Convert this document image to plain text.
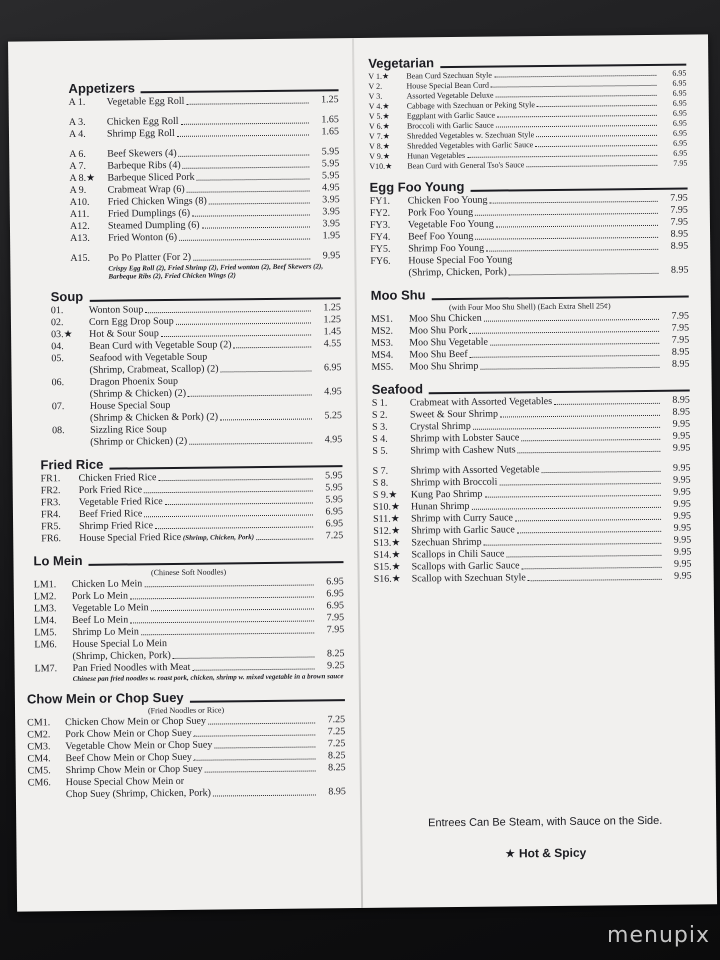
Appetizers
A 1.	Vegetable Egg Roll	1.25
A 3.	Chicken Egg Roll	1.65
A 4.	Shrimp Egg Roll	1.65
A 6.	Beef Skewers (4)	5.95
A 7.	Barbeque Ribs (4)	5.95
A 8.★	Barbeque Sliced Pork	5.95
A 9.	Crabmeat Wrap (6)	4.95
A10.	Fried Chicken Wings (8)	3.95
A11.	Fried Dumplings (6)	3.95
A12.	Steamed Dumpling (6)	3.95
A13.	Fried Wonton (6)	1.95
A15.	Po Po Platter (For 2)	9.95
Crispy Egg Roll (2), Fried Shrimp (2), Fried wonton (2), Beef Skewers (2), Barbeque Ribs (2), Fried Chicken Wings (2)
Soup
01.	Wonton Soup	1.25
02.	Corn Egg Drop Soup	1.25
03.★	Hot & Sour Soup	1.45
04.	Bean Curd with Vegetable Soup (2)	4.55
05.	Seafood with Vegetable Soup
(Shrimp, Crabmeat, Scallop) (2)	6.95
06.	Dragon Phoenix Soup
(Shrimp & Chicken) (2)	4.95
07.	House Special Soup
(Shrimp & Chicken & Pork) (2)	5.25
08.	Sizzling Rice Soup
(Shrimp or Chicken) (2)	4.95
Fried Rice
FR1.	Chicken Fried Rice	5.95
FR2.	Pork Fried Rice	5.95
FR3.	Vegetable Fried Rice	5.95
FR4.	Beef Fried Rice	6.95
FR5.	Shrimp Fried Rice	6.95
FR6.	House Special Fried Rice (Shrimp, Chicken, Pork)	7.25
Lo Mein
(Chinese Soft Noodles)
LM1.	Chicken Lo Mein	6.95
LM2.	Pork Lo Mein	6.95
LM3.	Vegetable Lo Mein	6.95
LM4.	Beef Lo Mein	7.95
LM5.	Shrimp Lo Mein	7.95
LM6.	House Special Lo Mein
(Shrimp, Chicken, Pork)	8.25
LM7.	Pan Fried Noodles with Meat	9.25
Chinese pan fried noodles w. roast pork, chicken, shrimp w. mixed vegetable in a brown sauce
Chow Mein or Chop Suey
(Fried Noodles or Rice)
CM1.	Chicken Chow Mein or Chop Suey	7.25
CM2.	Pork Chow Mein or Chop Suey	7.25
CM3.	Vegetable Chow Mein or Chop Suey	7.25
CM4.	Beef Chow Mein or Chop Suey	8.25
CM5.	Shrimp Chow Mein or Chop Suey	8.25
CM6.	House Special Chow Mein or
Chop Suey (Shrimp, Chicken, Pork)	8.95
Vegetarian
V 1.★	Bean Curd Szechuan Style	6.95
V 2.	House Special Bean Curd	6.95
V 3.	Assorted Vegetable Deluxe	6.95
V 4.★	Cabbage with Szechuan or Peking Style	6.95
V 5.★	Eggplant with Garlic Sauce	6.95
V 6.★	Broccoli with Garlic Sauce	6.95
V 7.★	Shredded Vegetables w. Szechuan Style	6.95
V 8.★	Shredded Vegetables with Garlic Sauce	6.95
V 9.★	Hunan Vegetables	6.95
V10.★	Bean Curd with General Tso's Sauce	7.95
Egg Foo Young
FY1.	Chicken Foo Young	7.95
FY2.	Pork Foo Young	7.95
FY3.	Vegetable Foo Young	7.95
FY4.	Beef Foo Young	8.95
FY5.	Shrimp Foo Young	8.95
FY6.	House Special Foo Young
(Shrimp, Chicken, Pork)	8.95
Moo Shu
(with Four Moo Shu Shell) (Each Extra Shell 25¢)
MS1.	Moo Shu Chicken	7.95
MS2.	Moo Shu Pork	7.95
MS3.	Moo Shu Vegetable	7.95
MS4.	Moo Shu Beef	8.95
MS5.	Moo Shu Shrimp	8.95
Seafood
S 1.	Crabmeat with Assorted Vegetables	8.95
S 2.	Sweet & Sour Shrimp	8.95
S 3.	Crystal Shrimp	9.95
S 4.	Shrimp with Lobster Sauce	9.95
S 5.	Shrimp with Cashew Nuts	9.95
S 7.	Shrimp with Assorted Vegetable	9.95
S 8.	Shrimp with Broccoli	9.95
S 9.★	Kung Pao Shrimp	9.95
S10.★	Hunan Shrimp	9.95
S11.★	Shrimp with Curry Sauce	9.95
S12.★	Shrimp with Garlic Sauce	9.95
S13.★	Szechuan Shrimp	9.95
S14.★	Scallops in Chili Sauce	9.95
S15.★	Scallops with Garlic Sauce	9.95
S16.★	Scallop with Szechuan Style	9.95
Entrees Can Be Steam, with Sauce on the Side.
★ Hot & Spicy
menupix
